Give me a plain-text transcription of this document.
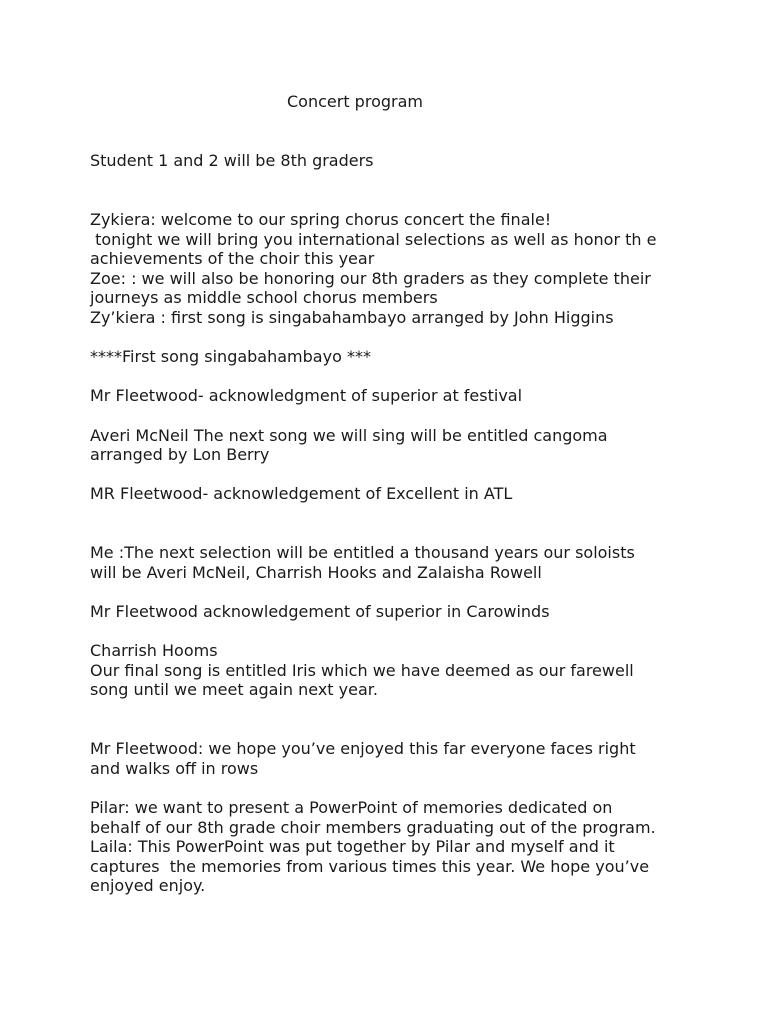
Concert program
Student 1 and 2 will be 8th graders
Zykiera: welcome to our spring chorus concert the finale!
tonight we will bring you international selections as well as honor th e
achievements of the choir this year
Zoe: : we will also be honoring our 8th graders as they complete their
journeys as middle school chorus members
Zy’kiera : first song is singabahambayo arranged by John Higgins
****First song singabahambayo ***
Mr Fleetwood- acknowledgment of superior at festival
Averi McNeil The next song we will sing will be entitled cangoma
arranged by Lon Berry
MR Fleetwood- acknowledgement of Excellent in ATL
Me :The next selection will be entitled a thousand years our soloists
will be Averi McNeil, Charrish Hooks and Zalaisha Rowell
Mr Fleetwood acknowledgement of superior in Carowinds
Charrish Hooms
Our final song is entitled Iris which we have deemed as our farewell
song until we meet again next year.
Mr Fleetwood: we hope you’ve enjoyed this far everyone faces right
and walks off in rows
Pilar: we want to present a PowerPoint of memories dedicated on
behalf of our 8th grade choir members graduating out of the program.
Laila: This PowerPoint was put together by Pilar and myself and it
captures  the memories from various times this year. We hope you’ve
enjoyed enjoy.
